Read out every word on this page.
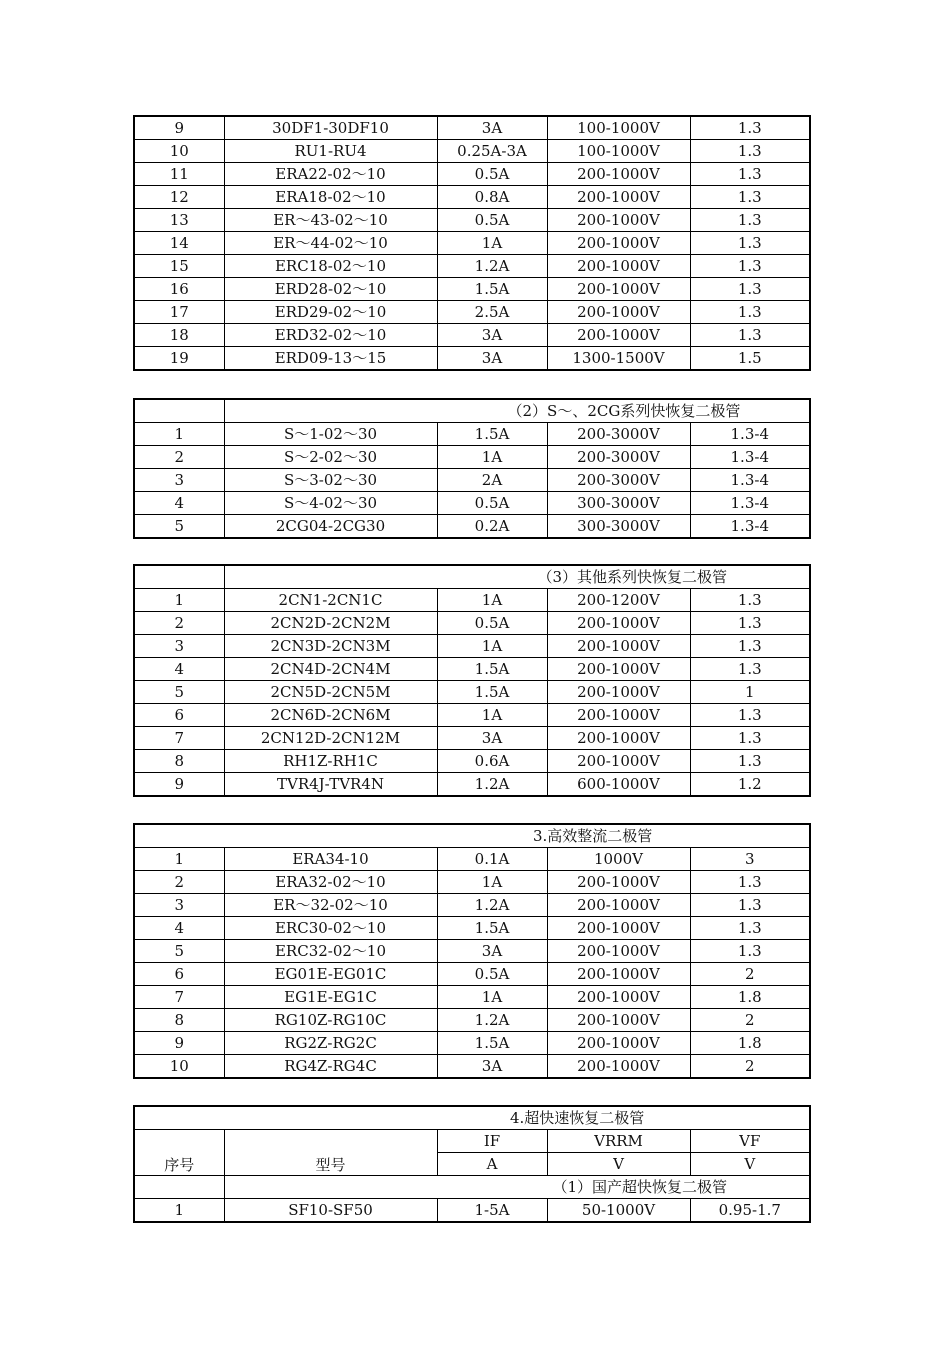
9	30DF1-30DF10	3A	100-1000V	1.3
10	RU1-RU4	0.25A-3A	100-1000V	1.3
11	ERA22-02～10	0.5A	200-1000V	1.3
12	ERA18-02～10	0.8A	200-1000V	1.3
13	ER～43-02～10	0.5A	200-1000V	1.3
14	ER～44-02～10	1A	200-1000V	1.3
15	ERC18-02～10	1.2A	200-1000V	1.3
16	ERD28-02～10	1.5A	200-1000V	1.3
17	ERD29-02～10	2.5A	200-1000V	1.3
18	ERD32-02～10	3A	200-1000V	1.3
19	ERD09-13～15	3A	1300-1500V	1.5
	（2）S～、2CG系列快恢复二极管			
1	S～1-02～30	1.5A	200-3000V	1.3-4
2	S～2-02～30	1A	200-3000V	1.3-4
3	S～3-02～30	2A	200-3000V	1.3-4
4	S～4-02～30	0.5A	300-3000V	1.3-4
5	2CG04-2CG30	0.2A	300-3000V	1.3-4
	（3）其他系列快恢复二极管			
1	2CN1-2CN1C	1A	200-1200V	1.3
2	2CN2D-2CN2M	0.5A	200-1000V	1.3
3	2CN3D-2CN3M	1A	200-1000V	1.3
4	2CN4D-2CN4M	1.5A	200-1000V	1.3
5	2CN5D-2CN5M	1.5A	200-1000V	1
6	2CN6D-2CN6M	1A	200-1000V	1.3
7	2CN12D-2CN12M	3A	200-1000V	1.3
8	RH1Z-RH1C	0.6A	200-1000V	1.3
9	TVR4J-TVR4N	1.2A	600-1000V	1.2
3.高效整流二极管				
1	ERA34-10	0.1A	1000V	3
2	ERA32-02～10	1A	200-1000V	1.3
3	ER～32-02～10	1.2A	200-1000V	1.3
4	ERC30-02～10	1.5A	200-1000V	1.3
5	ERC32-02～10	3A	200-1000V	1.3
6	EG01E-EG01C	0.5A	200-1000V	2
7	EG1E-EG1C	1A	200-1000V	1.8
8	RG10Z-RG10C	1.2A	200-1000V	2
9	RG2Z-RG2C	1.5A	200-1000V	1.8
10	RG4Z-RG4C	3A	200-1000V	2
4.超快速恢复二极管				
序号	型号	IF	VRRM	VF
		A	V	V
	（1）国产超快恢复二极管			
1	SF10-SF50	1-5A	50-1000V	0.95-1.7
